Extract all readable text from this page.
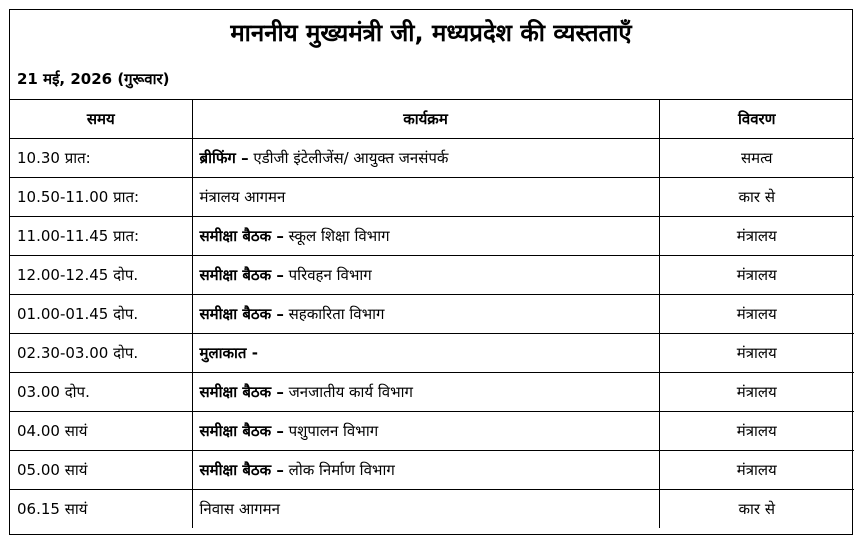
माननीय मुख्यमंत्री जी, मध्यप्रदेश की व्यस्तताएँ
21 मई, 2026 (गुरूवार)
समय	कार्यक्रम	विवरण
10.30 प्रात:	ब्रीफिंग – एडीजी इंटेलीजेंस/ आयुक्त जनसंपर्क	समत्व
10.50-11.00 प्रात:	मंत्रालय आगमन	कार से
11.00-11.45 प्रात:	समीक्षा बैठक – स्कूल शिक्षा विभाग	मंत्रालय
12.00-12.45 दोप.	समीक्षा बैठक – परिवहन विभाग	मंत्रालय
01.00-01.45 दोप.	समीक्षा बैठक – सहकारिता विभाग	मंत्रालय
02.30-03.00 दोप.	मुलाकात -	मंत्रालय
03.00 दोप.	समीक्षा बैठक – जनजातीय कार्य विभाग	मंत्रालय
04.00 सायं	समीक्षा बैठक – पशुपालन विभाग	मंत्रालय
05.00 सायं	समीक्षा बैठक – लोक निर्माण विभाग	मंत्रालय
06.15 सायं	निवास आगमन	कार से
